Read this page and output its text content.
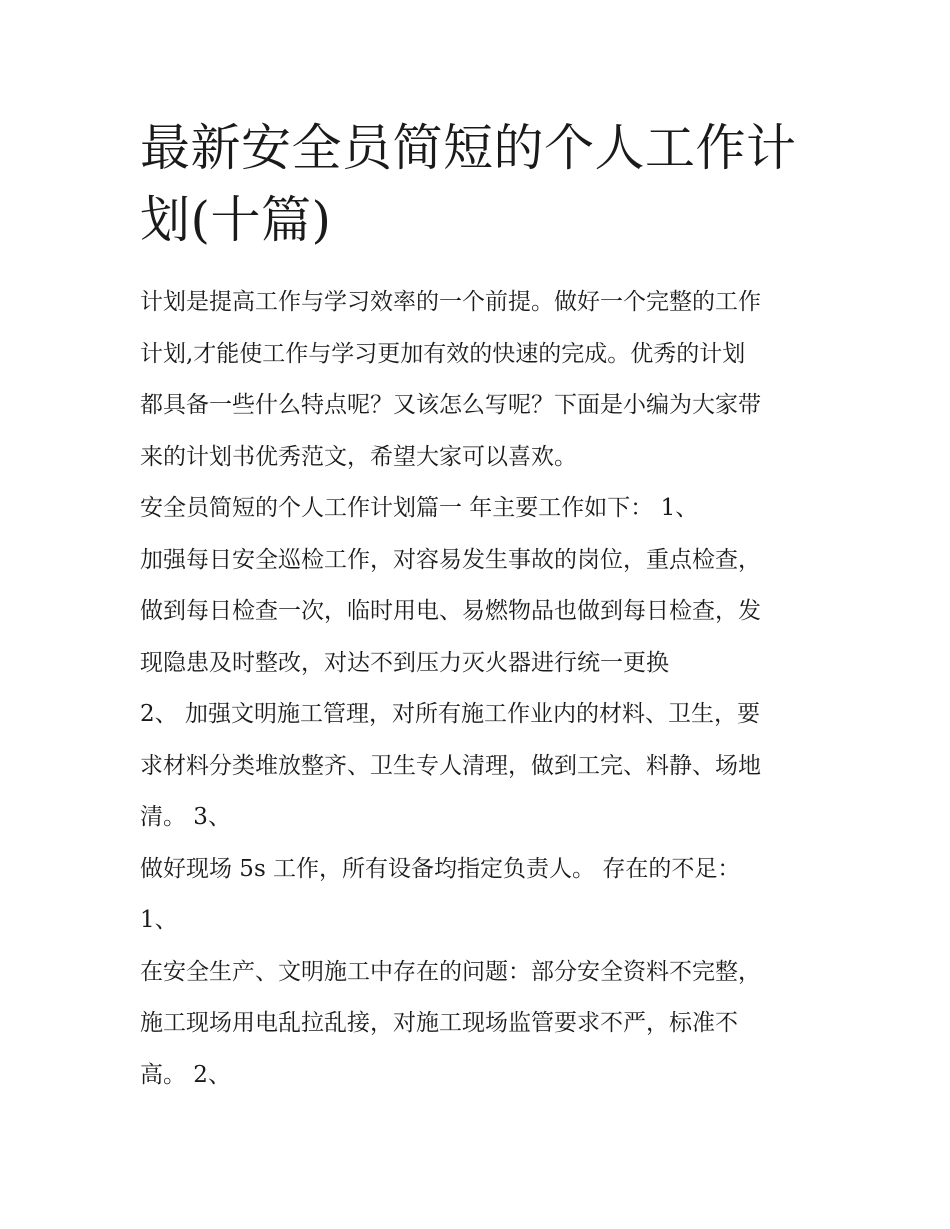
最新安全员简短的个人工作计
划(十篇)

计划是提高工作与学习效率的一个前提。做好一个完整的工作

计划,才能使工作与学习更加有效的快速的完成。优秀的计划

都具备一些什么特点呢？又该怎么写呢？下面是小编为大家带

来的计划书优秀范文，希望大家可以喜欢。

安全员简短的个人工作计划篇一 年主要工作如下： 1、

加强每日安全巡检工作，对容易发生事故的岗位，重点检查，

做到每日检查一次，临时用电、易燃物品也做到每日检查，发

现隐患及时整改，对达不到压力灭火器进行统一更换

2、 加强文明施工管理，对所有施工作业内的材料、卫生，要

求材料分类堆放整齐、卫生专人清理，做到工完、料静、场地

清。 3、

做好现场 5s 工作，所有设备均指定负责人。 存在的不足：

1、

在安全生产、文明施工中存在的问题：部分安全资料不完整，

施工现场用电乱拉乱接，对施工现场监管要求不严，标准不

高。 2、
